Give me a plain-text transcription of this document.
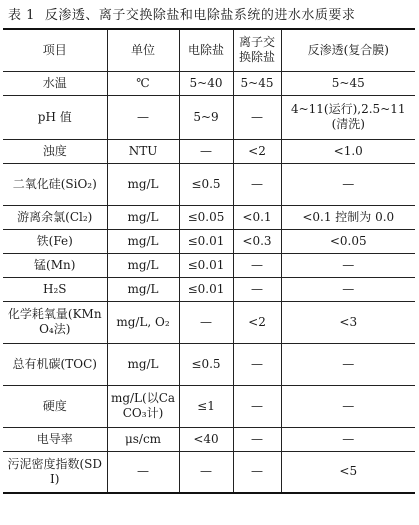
表 1 反渗透、离子交换除盐和电除盐系统的进水水质要求
项目	单位	电除盐	离子交换除盐	反渗透(复合膜)
水温	℃	5~40	5~45	5~45
pH 值	—	5~9	—	4~11(运行),2.5~11(清洗)
浊度	NTU	—	<2	<1.0
二氧化硅(SiO₂)	mg/L	≤0.5	—	—
游离余氯(Cl₂)	mg/L	≤0.05	<0.1	<0.1 控制为 0.0
铁(Fe)	mg/L	≤0.01	<0.3	<0.05
锰(Mn)	mg/L	≤0.01	—	—
H₂S	mg/L	≤0.01	—	—
化学耗氧量(KMnO₄法)	mg/L, O₂	—	<2	<3
总有机碳(TOC)	mg/L	≤0.5	—	—
硬度	mg/L(以CaCO₃计)	≤1	—	—
电导率	μs/cm	<40	—	—
污泥密度指数(SDI)	—	—	—	<5
